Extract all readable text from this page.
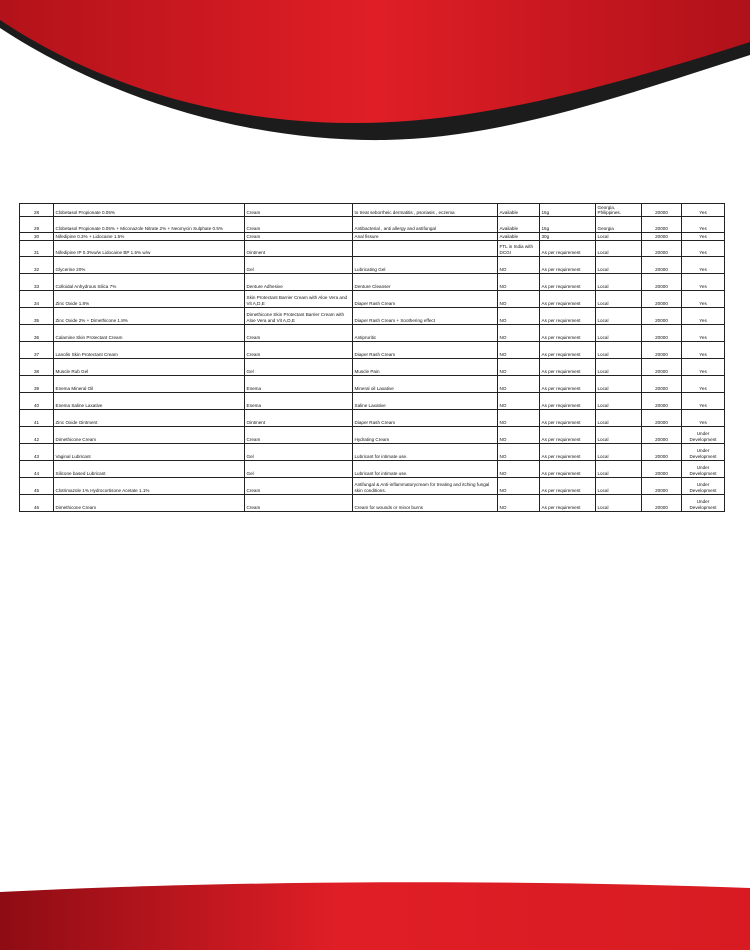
28	Clobetasol Propionate 0.05%	Cream	to treat seborrheic dermatitis , psoriasis , eczema	Available	15g	Georgia, Philippines.	20000	Yes
29	Clobetasol Propionate 0.05% + Miconazole Nitrate 2% + Neomycin Sulphate 0.5%	Cream	Antibacterial , anti allergy and antifungal	Available	15g	Georgia	20000	Yes
30	Nifedipine 0.3% + Lidocaine 1.5%	Cream	Anal fissure	Available	30g	Local	20000	Yes
31	Nifedipine IP 0.3%w/w Lidocaine BP 1.5% w/w	Ointment		FTL in India with DCGI	As per requirement	Local	20000	Yes
32	Glycerine 20%	Gel	Lubricating Gel	NO	As per requirement	Local	20000	Yes
33	Colloidal Anhydrous Silica 7%	Denture Adhesive	Denture Cleanser	NO	As per requirement	Local	20000	Yes
34	Zinc Oxide 1.8%	Skin Protectant Barrier Cream with Aloe Vera and Vit A,D,E	Diaper Rash Cream	NO	As per requirement	Local	20000	Yes
35	Zinc Oxide 2% + Dimethicone 1.8%	Dimethicone Skin Protectant Barrier Cream with Aloe Vera and Vit A,D,E	Diaper Rash Cream + Soothering effect	NO	As per requirement	Local	20000	Yes
36	Calamine Skin Protectant Cream	Cream	Antipruritic	NO	As per requirement	Local	20000	Yes
37	Lanolin Skin Protectant Cream	Cream	Diaper Rash Cream	NO	As per requirement	Local	20000	Yes
38	Muscle Rub Gel	Gel	Muscle Pain	NO	As per requirement	Local	20000	Yes
39	Enema Mineral Oil	Enema	Mineral oil Laxative	NO	As per requirement	Local	20000	Yes
40	Enema Saline Laxative	Enema	Saline Laxative	NO	As per requirement	Local	20000	Yes
41	Zinc Oxide Ointment	Ointment	Diaper Rash Cream	NO	As per requirement	Local	20000	Yes
42	Dimethicone Cream	Cream	Hydrating Cream	NO	As per requirement	Local	20000	Under Development
43	Vaginal Lubricant	Gel	Lubricant for intimate use.	NO	As per requirement	Local	20000	Under Development
44	Silicone based Lubricant	Gel	Lubricant for intimate use.	NO	As per requirement	Local	20000	Under Development
45	Clotrimazole 1% Hydrocortisone Acetate 1.1%	Cream	Antifungal & Anti-inflammatorycream for treating and itching fungal skin conditions.	NO	As per requirement	Local	20000	Under Development
46	Dimethicone Cream	Cream	Cream for wounds or minor burns	NO	As per requirement	Local	20000	Under Development
